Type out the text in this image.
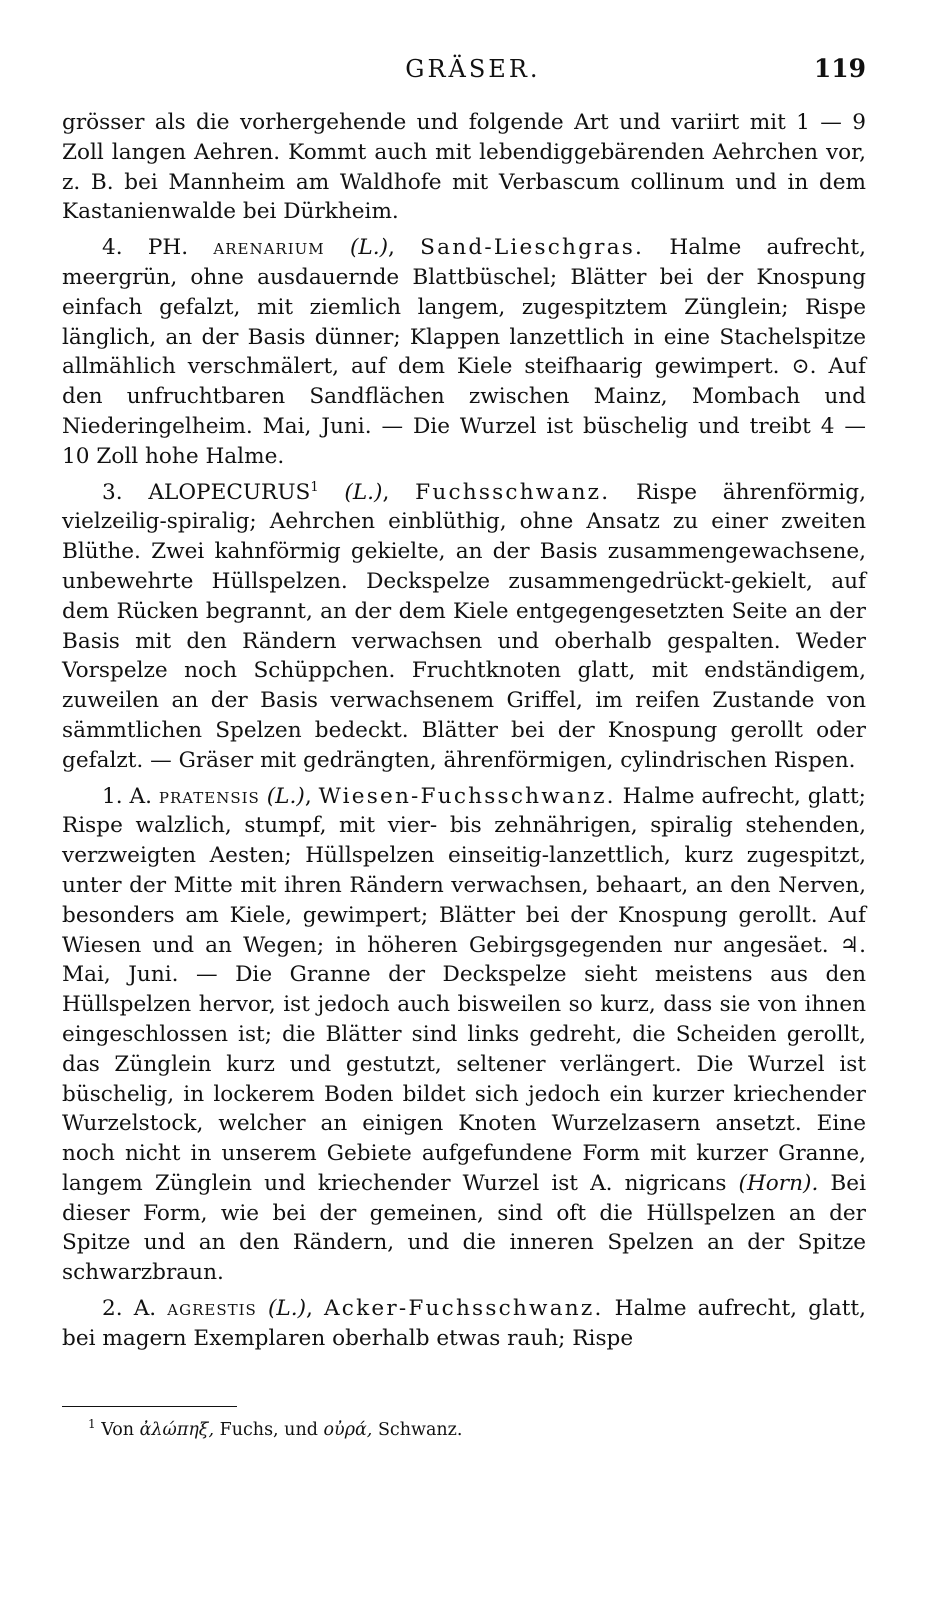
GRÄSER.	119

grösser als die vorhergehende und folgende Art und variirt mit 1 — 9 Zoll langen Aehren. Kommt auch mit lebendiggebärenden Aehrchen vor, z. B. bei Mannheim am Waldhofe mit Verbascum collinum und in dem Kastanienwalde bei Dürkheim.

4. PH. arenarium (L.), Sand-Lieschgras. Halme aufrecht, meergrün, ohne ausdauernde Blattbüschel; Blätter bei der Knospung einfach gefalzt, mit ziemlich langem, zugespitztem Zünglein; Rispe länglich, an der Basis dünner; Klappen lanzettlich in eine Stachelspitze allmählich verschmälert, auf dem Kiele steifhaarig gewimpert. ⊙. Auf den unfruchtbaren Sandflächen zwischen Mainz, Mombach und Niederingelheim. Mai, Juni. — Die Wurzel ist büschelig und treibt 4 — 10 Zoll hohe Halme.

3. ALOPECURUS$^1$ (L.), Fuchsschwanz. Rispe ährenförmig, vielzeilig-spiralig; Aehrchen einblüthig, ohne Ansatz zu einer zweiten Blüthe. Zwei kahnförmig gekielte, an der Basis zusammengewachsene, unbewehrte Hüllspelzen. Deckspelze zusammengedrückt-gekielt, auf dem Rücken begrannt, an der dem Kiele entgegengesetzten Seite an der Basis mit den Rändern verwachsen und oberhalb gespalten. Weder Vorspelze noch Schüppchen. Fruchtknoten glatt, mit endständigem, zuweilen an der Basis verwachsenem Griffel, im reifen Zustande von sämmtlichen Spelzen bedeckt. Blätter bei der Knospung gerollt oder gefalzt. — Gräser mit gedrängten, ährenförmigen, cylindrischen Rispen.

1. A. pratensis (L.), Wiesen-Fuchsschwanz. Halme aufrecht, glatt; Rispe walzlich, stumpf, mit vier- bis zehnährigen, spiralig stehenden, verzweigten Aesten; Hüllspelzen einseitig-lanzettlich, kurz zugespitzt, unter der Mitte mit ihren Rändern verwachsen, behaart, an den Nerven, besonders am Kiele, gewimpert; Blätter bei der Knospung gerollt. Auf Wiesen und an Wegen; in höheren Gebirgsgegenden nur angesäet. ♃. Mai, Juni. — Die Granne der Deckspelze sieht meistens aus den Hüllspelzen hervor, ist jedoch auch bisweilen so kurz, dass sie von ihnen eingeschlossen ist; die Blätter sind links gedreht, die Scheiden gerollt, das Zünglein kurz und gestutzt, seltener verlängert. Die Wurzel ist büschelig, in lockerem Boden bildet sich jedoch ein kurzer kriechender Wurzelstock, welcher an einigen Knoten Wurzelzasern ansetzt. Eine noch nicht in unserem Gebiete aufgefundene Form mit kurzer Granne, langem Zünglein und kriechender Wurzel ist A. nigricans (Horn). Bei dieser Form, wie bei der gemeinen, sind oft die Hüllspelzen an der Spitze und an den Rändern, und die inneren Spelzen an der Spitze schwarzbraun.

2. A. agrestis (L.), Acker-Fuchsschwanz. Halme aufrecht, glatt, bei magern Exemplaren oberhalb etwas rauh; Rispe

$^1$ Von ἀλώπηξ, Fuchs, und οὐρά, Schwanz.
